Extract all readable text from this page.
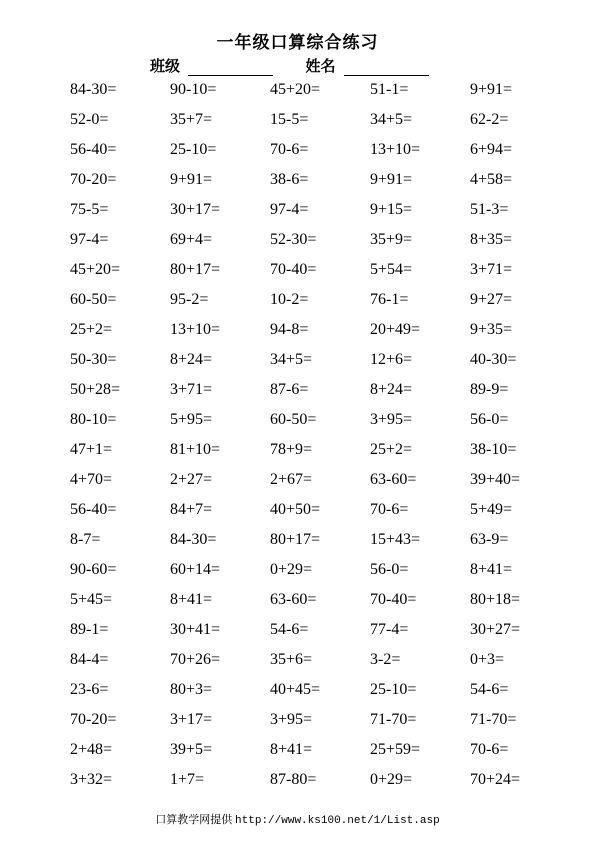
一年级口算综合练习
班级	姓名
84-30=	90-10=	45+20=	51-1=	9+91=
52-0=	35+7=	15-5=	34+5=	62-2=
56-40=	25-10=	70-6=	13+10=	6+94=
70-20=	9+91=	38-6=	9+91=	4+58=
75-5=	30+17=	97-4=	9+15=	51-3=
97-4=	69+4=	52-30=	35+9=	8+35=
45+20=	80+17=	70-40=	5+54=	3+71=
60-50=	95-2=	10-2=	76-1=	9+27=
25+2=	13+10=	94-8=	20+49=	9+35=
50-30=	8+24=	34+5=	12+6=	40-30=
50+28=	3+71=	87-6=	8+24=	89-9=
80-10=	5+95=	60-50=	3+95=	56-0=
47+1=	81+10=	78+9=	25+2=	38-10=
4+70=	2+27=	2+67=	63-60=	39+40=
56-40=	84+7=	40+50=	70-6=	5+49=
8-7=	84-30=	80+17=	15+43=	63-9=
90-60=	60+14=	0+29=	56-0=	8+41=
5+45=	8+41=	63-60=	70-40=	80+18=
89-1=	30+41=	54-6=	77-4=	30+27=
84-4=	70+26=	35+6=	3-2=	0+3=
23-6=	80+3=	40+45=	25-10=	54-6=
70-20=	3+17=	3+95=	71-70=	71-70=
2+48=	39+5=	8+41=	25+59=	70-6=
3+32=	1+7=	87-80=	0+29=	70+24=
口算教学网提供 http://www.ks100.net/1/List.asp
